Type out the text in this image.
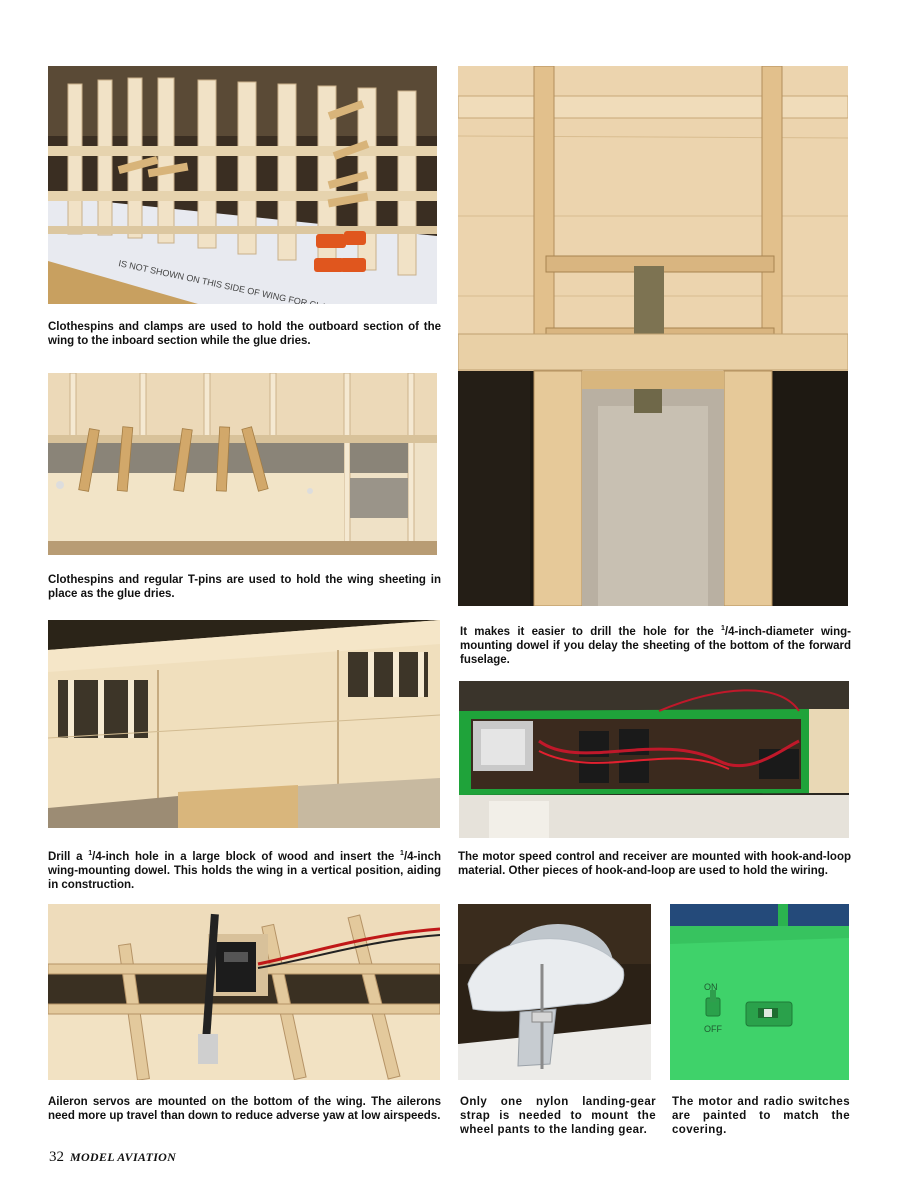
Clothespins and clamps are used to hold the outboard section of the wing to the inboard section while the glue dries.
Clothespins and regular T-pins are used to hold the wing sheeting in place as the glue dries.
Drill a $^1$/4-inch hole in a large block of wood and insert the $^1$/4-inch wing-mounting dowel. This holds the wing in a vertical position, aiding in construction.
Aileron servos are mounted on the bottom of the wing. The ailerons need more up travel than down to reduce adverse yaw at low airspeeds.
It makes it easier to drill the hole for the $^1$/4-inch-diameter wing-mounting dowel if you delay the sheeting of the bottom of the forward fuselage.
The motor speed control and receiver are mounted with hook-and-loop material. Other pieces of hook-and-loop are used to hold the wiring.
Only one nylon landing-gear strap is needed to mount the wheel pants to the landing gear.
ON
OFF
The motor and radio switches are painted to match the covering.
32 MODEL AVIATION
